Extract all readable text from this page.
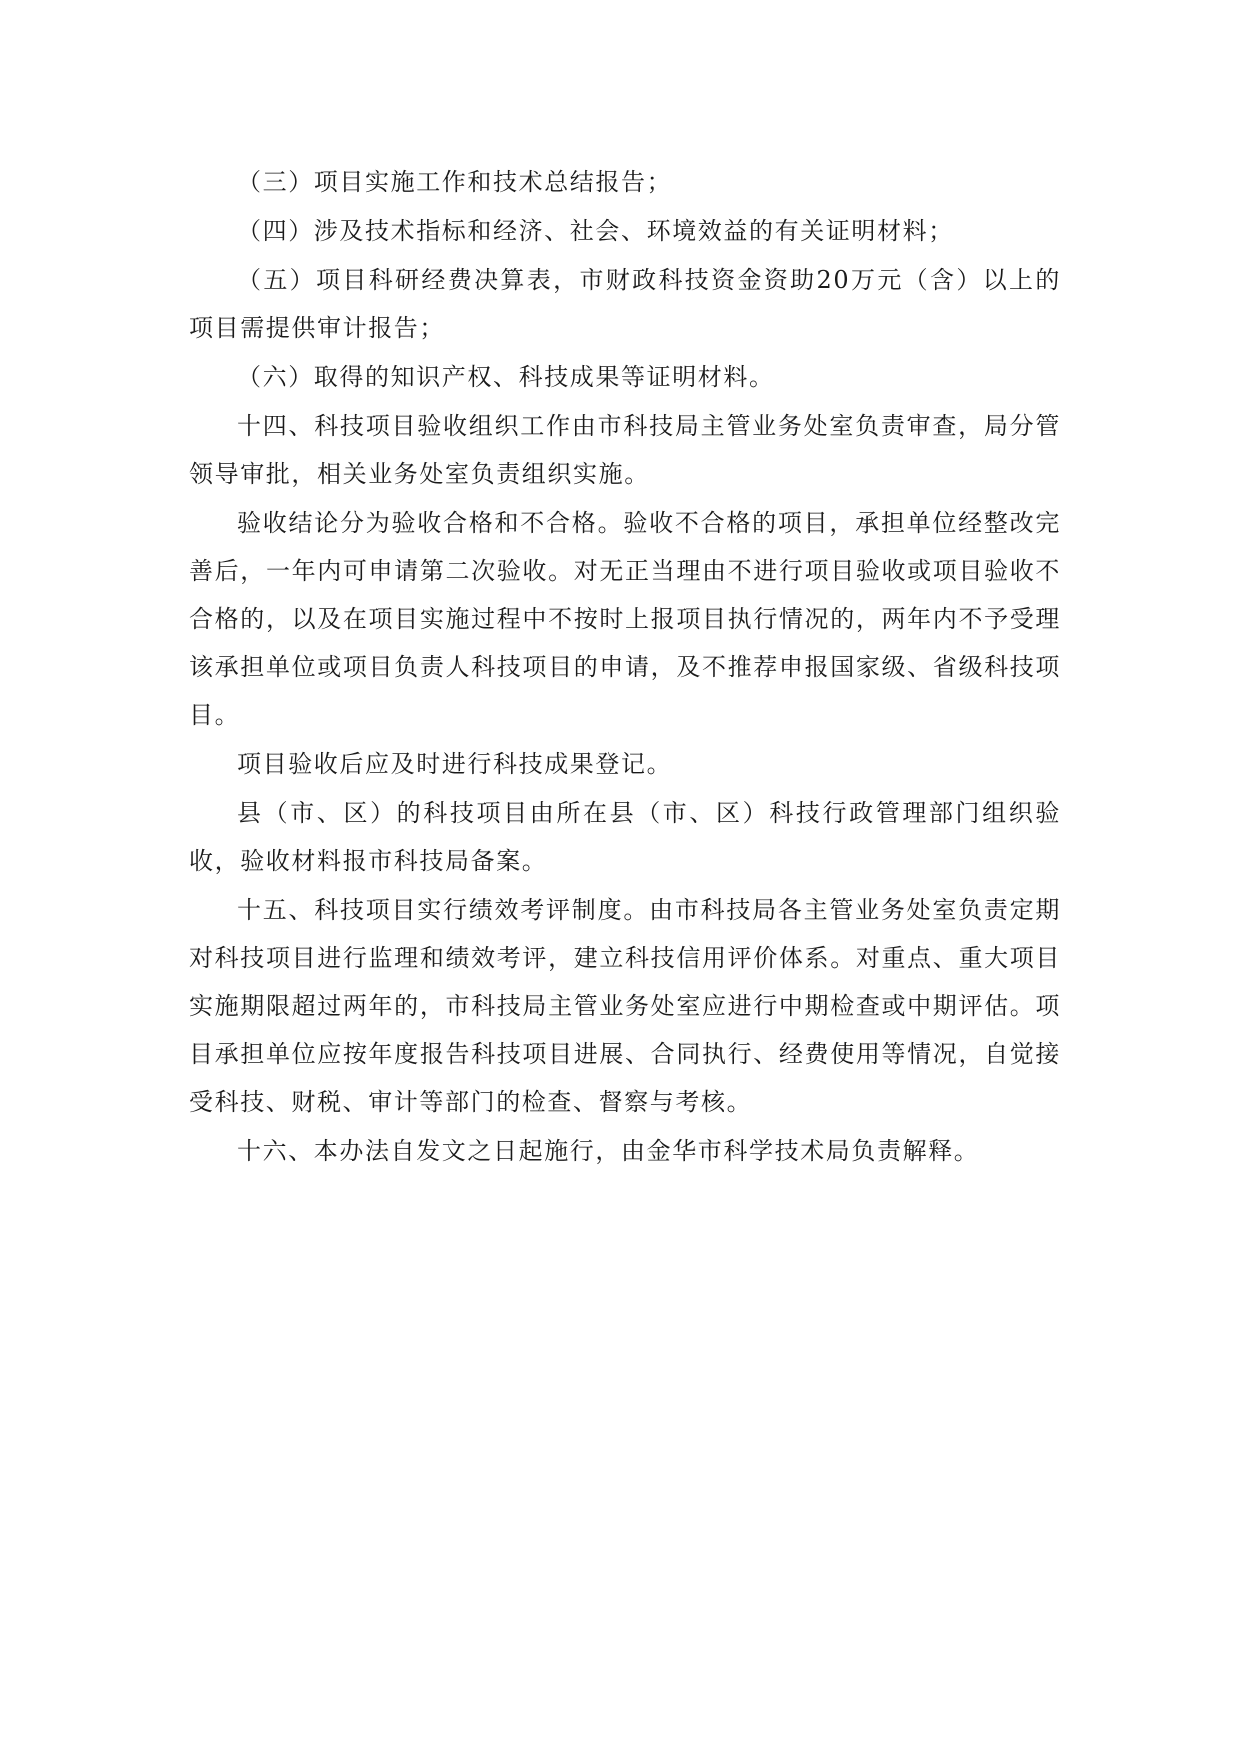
（三）项目实施工作和技术总结报告；

（四）涉及技术指标和经济、社会、环境效益的有关证明材料；

（五）项目科研经费决算表，市财政科技资金资助20万元（含）以上的项目需提供审计报告；

（六）取得的知识产权、科技成果等证明材料。

十四、科技项目验收组织工作由市科技局主管业务处室负责审查，局分管领导审批，相关业务处室负责组织实施。

验收结论分为验收合格和不合格。验收不合格的项目，承担单位经整改完善后，一年内可申请第二次验收。对无正当理由不进行项目验收或项目验收不合格的，以及在项目实施过程中不按时上报项目执行情况的，两年内不予受理该承担单位或项目负责人科技项目的申请，及不推荐申报国家级、省级科技项目。

项目验收后应及时进行科技成果登记。

县（市、区）的科技项目由所在县（市、区）科技行政管理部门组织验收，验收材料报市科技局备案。

十五、科技项目实行绩效考评制度。由市科技局各主管业务处室负责定期对科技项目进行监理和绩效考评，建立科技信用评价体系。对重点、重大项目实施期限超过两年的，市科技局主管业务处室应进行中期检查或中期评估。项目承担单位应按年度报告科技项目进展、合同执行、经费使用等情况，自觉接受科技、财税、审计等部门的检查、督察与考核。

十六、本办法自发文之日起施行，由金华市科学技术局负责解释。
